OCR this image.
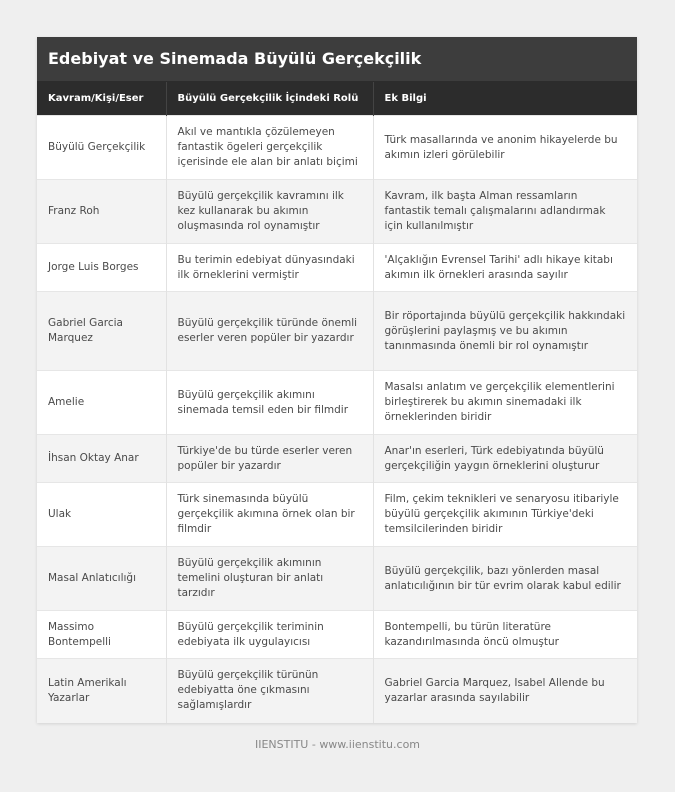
Edebiyat ve Sinemada Büyülü Gerçekçilik
Kavram/Kişi/Eser	Büyülü Gerçekçilik İçindeki Rolü	Ek Bilgi
Büyülü Gerçekçilik	Akıl ve mantıkla çözülemeyen fantastik ögeleri gerçekçilik içerisinde ele alan bir anlatı biçimi	Türk masallarında ve anonim hikayelerde bu akımın izleri görülebilir
Franz Roh	Büyülü gerçekçilik kavramını ilk kez kullanarak bu akımın oluşmasında rol oynamıştır	Kavram, ilk başta Alman ressamların fantastik temalı çalışmalarını adlandırmak için kullanılmıştır
Jorge Luis Borges	Bu terimin edebiyat dünyasındaki ilk örneklerini vermiştir	'Alçaklığın Evrensel Tarihi' adlı hikaye kitabı akımın ilk örnekleri arasında sayılır
Gabriel Garcia Marquez	Büyülü gerçekçilik türünde önemli eserler veren popüler bir yazardır	Bir röportajında büyülü gerçekçilik hakkındaki görüşlerini paylaşmış ve bu akımın tanınmasında önemli bir rol oynamıştır
Amelie	Büyülü gerçekçilik akımını sinemada temsil eden bir filmdir	Masalsı anlatım ve gerçekçilik elementlerini birleştirerek bu akımın sinemadaki ilk örneklerinden biridir
İhsan Oktay Anar	Türkiye'de bu türde eserler veren popüler bir yazardır	Anar'ın eserleri, Türk edebiyatında büyülü gerçekçiliğin yaygın örneklerini oluşturur
Ulak	Türk sinemasında büyülü gerçekçilik akımına örnek olan bir filmdir	Film, çekim teknikleri ve senaryosu itibariyle büyülü gerçekçilik akımının Türkiye'deki temsilcilerinden biridir
Masal Anlatıcılığı	Büyülü gerçekçilik akımının temelini oluşturan bir anlatı tarzıdır	Büyülü gerçekçilik, bazı yönlerden masal anlatıcılığının bir tür evrim olarak kabul edilir
Massimo Bontempelli	Büyülü gerçekçilik teriminin edebiyata ilk uygulayıcısı	Bontempelli, bu türün literatüre kazandırılmasında öncü olmuştur
Latin Amerikalı Yazarlar	Büyülü gerçekçilik türünün edebiyatta öne çıkmasını sağlamışlardır	Gabriel Garcia Marquez, Isabel Allende bu yazarlar arasında sayılabilir
IIENSTITU - www.iienstitu.com
